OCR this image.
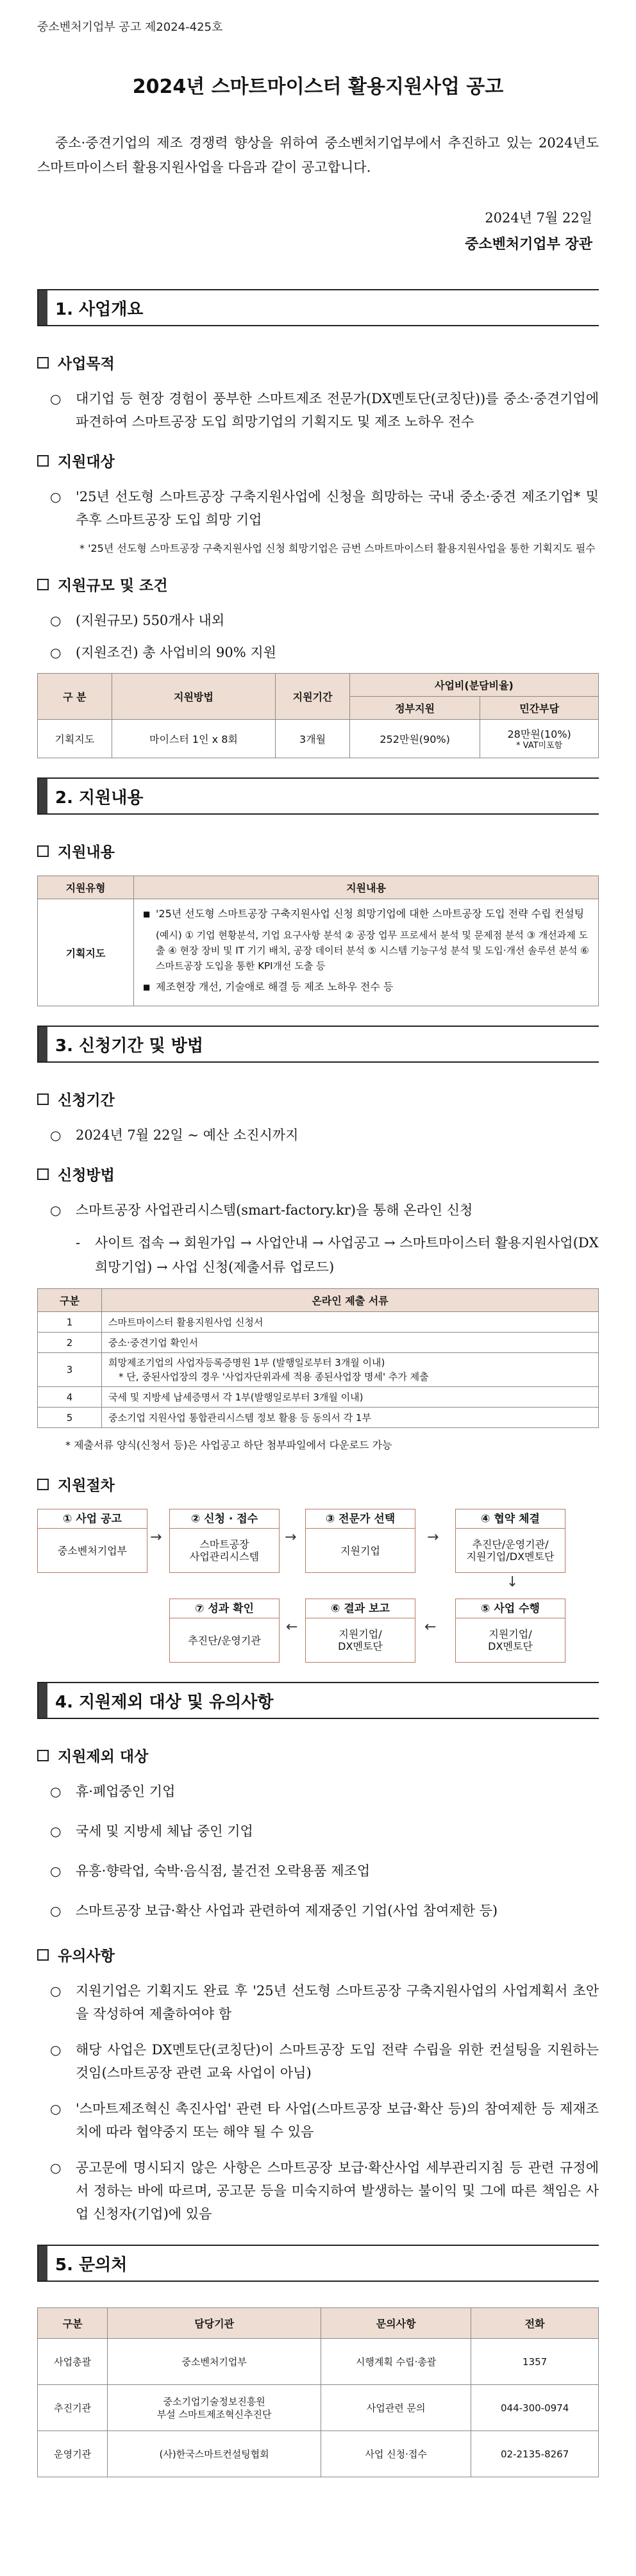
중소벤처기업부 공고 제2024-425호
2024년 스마트마이스터 활용지원사업 공고
중소·중견기업의 제조 경쟁력 향상을 위하여 중소벤처기업부에서 추진하고 있는 2024년도 스마트마이스터 활용지원사업을 다음과 같이 공고합니다.
2024년 7월 22일
중소벤처기업부 장관
1. 사업개요
사업목적
○	대기업 등 현장 경험이 풍부한 스마트제조 전문가(DX멘토단(코칭단))를 중소·중견기업에 파견하여 스마트공장 도입 희망기업의 기획지도 및 제조 노하우 전수
지원대상
○	'25년 선도형 스마트공장 구축지원사업에 신청을 희망하는 국내 중소·중견 제조기업* 및 추후 스마트공장 도입 희망 기업
* '25년 선도형 스마트공장 구축지원사업 신청 희망기업은 금번 스마트마이스터 활용지원사업을 통한 기획지도 필수
지원규모 및 조건
○	(지원규모) 550개사 내외
○	(지원조건) 총 사업비의 90% 지원
구 분	지원방법	지원기간	사업비(분담비율)	
			정부지원	민간부담
기획지도	마이스터 1인 x 8회	3개월	252만원(90%)	28만원(10%)
* VAT미포함
2. 지원내용
지원내용
지원유형	지원내용
기획지도	■ '25년 선도형 스마트공장 구축지원사업 신청 희망기업에 대한 스마트공장 도입 전략 수립 컨설팅
(예시) ① 기업 현황분석, 기업 요구사항 분석 ② 공장 업무 프로세서 분석 및 문제점 분석 ③ 개선과제 도출 ④ 현장 장비 및 IT 기기 배치, 공장 데이터 분석 ⑤ 시스템 기능구성 분석 및 도입·개선 솔루션 분석 ⑥ 스마트공장 도입을 통한 KPI개선 도출 등
■ 제조현장 개선, 기술애로 해결 등 제조 노하우 전수 등
3. 신청기간 및 방법
신청기간
○	2024년 7월 22일 ~ 예산 소진시까지
신청방법
○	스마트공장 사업관리시스템(smart-factory.kr)을 통해 온라인 신청
-	사이트 접속 → 회원가입 → 사업안내 → 사업공고 → 스마트마이스터 활용지원사업(DX희망기업) → 사업 신청(제출서류 업로드)
구분	온라인 제출 서류
1	스마트마이스터 활용지원사업 신청서

2	중소·중견기업 확인서

3	희망제조기업의 사업자등록증명원 1부 (발행일로부터 3개월 이내)
* 단, 중된사업장의 경우 '사업자단위과세 적용 종된사업장 명세' 추가 제출

4	국세 및 지방세 납세증명서 각 1부(발행일로부터 3개월 이내)

5	중소기업 지원사업 통합관리시스템 정보 활용 등 동의서 각 1부
* 제출서류 양식(신청서 등)은 사업공고 하단 첨부파일에서 다운로드 가능
지원절차
① 사업 공고
중소벤처기업부
② 신청 · 접수
스마트공장
사업관리시스템
③ 전문가 선택
지원기업
④ 협약 체결
추진단/운영기관/
지원기업/DX멘토단
⑤ 사업 수행
지원기업/
DX멘토단
⑥ 결과 보고
지원기업/
DX멘토단
⑦ 성과 확인
추진단/운영기관
→	→	→
↓
←
←
4. 지원제외 대상 및 유의사항
지원제외 대상
○	휴·폐업중인 기업
○	국세 및 지방세 체납 중인 기업
○	유흥·향락업, 숙박·음식점, 불건전 오락용품 제조업
○	스마트공장 보급·확산 사업과 관련하여 제재중인 기업(사업 참여제한 등)
유의사항
○	지원기업은 기획지도 완료 후 '25년 선도형 스마트공장 구축지원사업의 사업계획서 초안을 작성하여 제출하여야 함
○	해당 사업은 DX멘토단(코칭단)이 스마트공장 도입 전략 수립을 위한 컨설팅을 지원하는 것임(스마트공장 관련 교육 사업이 아님)
○	'스마트제조혁신 촉진사업' 관련 타 사업(스마트공장 보급·확산 등)의 참여제한 등 제재조치에 따라 협약중지 또는 해약 될 수 있음
○	공고문에 명시되지 않은 사항은 스마트공장 보급·확산사업 세부관리지침 등 관련 규정에서 정하는 바에 따르며, 공고문 등을 미숙지하여 발생하는 불이익 및 그에 따른 책임은 사업 신청자(기업)에 있음
5. 문의처
구분	담당기관	문의사항	전화
사업총괄	중소벤처기업부	시행계획 수립·총괄	1357
추진기관	중소기업기술정보진흥원
부설 스마트제조혁신추진단	사업관련 문의	044-300-0974
운영기관	(사)한국스마트컨설팅협회	사업 신청·접수	02-2135-8267
